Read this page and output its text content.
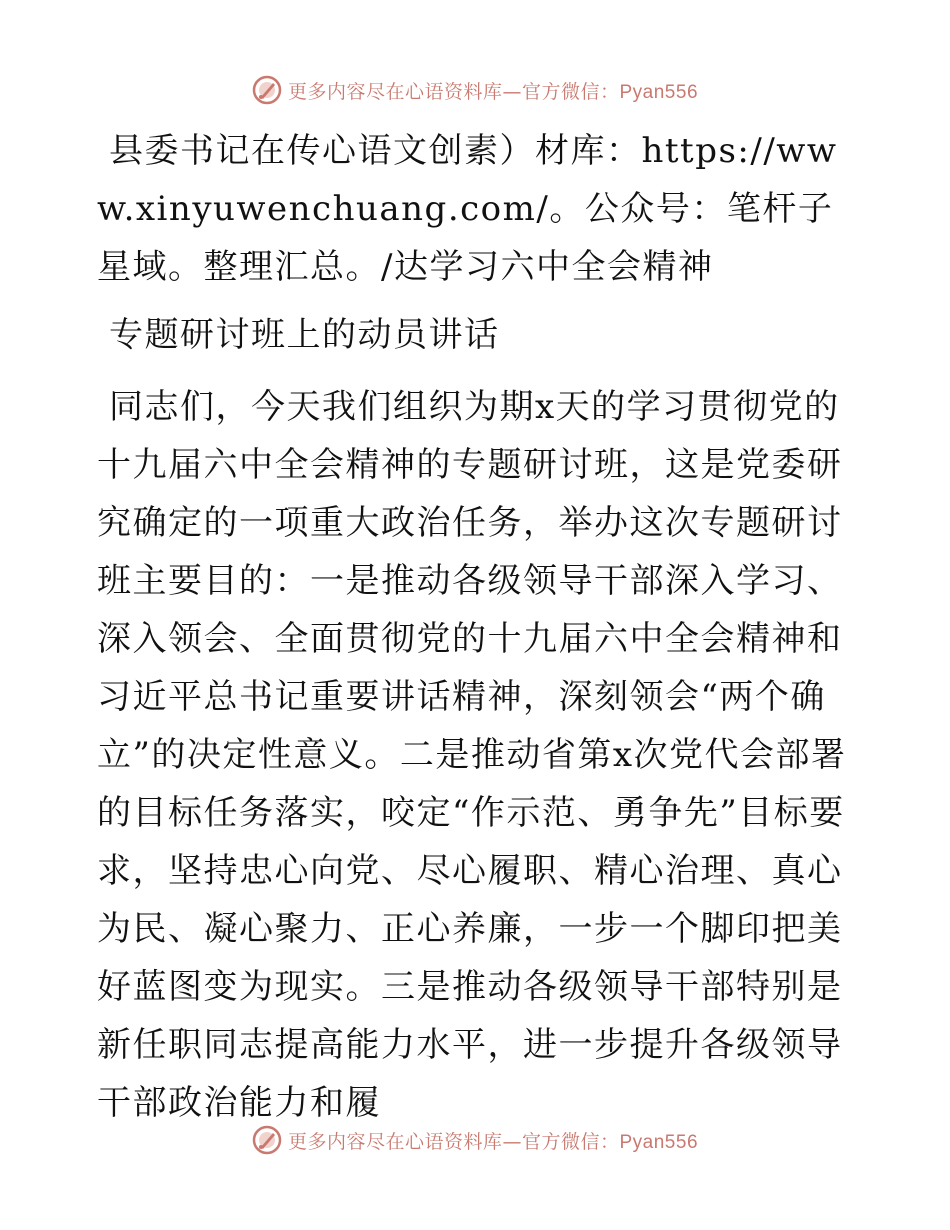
更多内容尽在心语资料库—官方微信：Pyan556

县委书记在传心语文创素）材库：https://www.xinyuwenchuang.com/。公众号：笔杆子星域。整理汇总。/达学习六中全会精神

专题研讨班上的动员讲话

同志们，今天我们组织为期x天的学习贯彻党的十九届六中全会精神的专题研讨班，这是党委研究确定的一项重大政治任务，举办这次专题研讨班主要目的：一是推动各级领导干部深入学习、深入领会、全面贯彻党的十九届六中全会精神和习近平总书记重要讲话精神，深刻领会“两个确立”的决定性意义。二是推动省第x次党代会部署的目标任务落实，咬定“作示范、勇争先”目标要求，坚持忠心向党、尽心履职、精心治理、真心为民、凝心聚力、正心养廉，一步一个脚印把美好蓝图变为现实。三是推动各级领导干部特别是新任职同志提高能力水平，进一步提升各级领导干部政治能力和履

更多内容尽在心语资料库—官方微信：Pyan556
